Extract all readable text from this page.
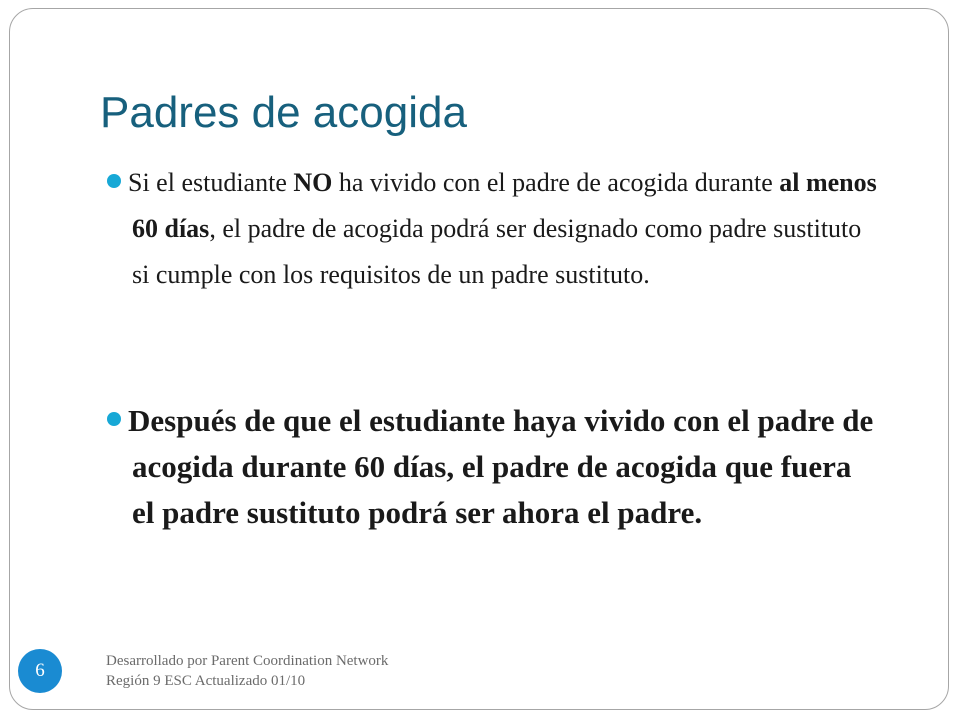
Padres de acogida

Si el estudiante NO ha vivido con el padre de acogida durante al menos 60 días, el padre de acogida podrá ser designado como padre sustituto si cumple con los requisitos de un padre sustituto.

Después de que el estudiante haya vivido con el padre de acogida durante 60 días, el padre de acogida que fuera el padre sustituto podrá ser ahora el padre.

6	Desarrollado por Parent Coordination Network
Región 9 ESC Actualizado 01/10
